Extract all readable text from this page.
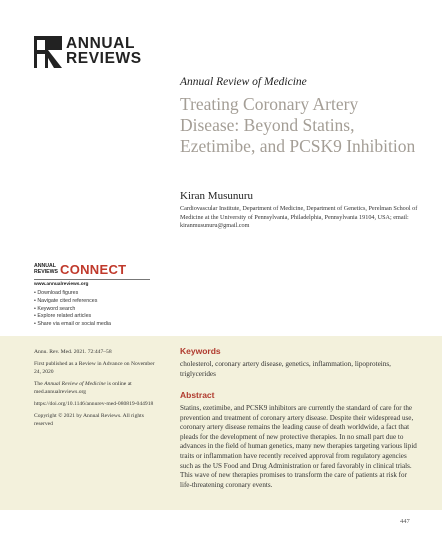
ANNUAL
REVIEWS
Annual Review of Medicine
Treating Coronary Artery Disease: Beyond Statins, Ezetimibe, and PCSK9 Inhibition
Kiran Musunuru
Cardiovascular Institute, Department of Medicine, Department of Genetics, Perelman School of Medicine at the University of Pennsylvania, Philadelphia, Pennsylvania 19104, USA; email: kiranmusunuru@gmail.com
ANNUAL
REVIEWS CONNECT
www.annualreviews.org
• Download figures
• Navigate cited references
• Keyword search
• Explore related articles
• Share via email or social media

Annu. Rev. Med. 2021. 72:447–58

First published as a Review in Advance on November 24, 2020

The Annual Review of Medicine is online at med.annualreviews.org

https://doi.org/10.1146/annurev-med-080819-044918

Copyright © 2021 by Annual Reviews. All rights reserved

Keywords
cholesterol, coronary artery disease, genetics, inflammation, lipoproteins, triglycerides
Abstract
Statins, ezetimibe, and PCSK9 inhibitors are currently the standard of care for the prevention and treatment of coronary artery disease. Despite their widespread use, coronary artery disease remains the leading cause of death worldwide, a fact that pleads for the development of new protective therapies. In no small part due to advances in the field of human genetics, many new therapies targeting various lipid traits or inflammation have recently received approval from regulatory agencies such as the US Food and Drug Administration or fared favorably in clinical trials. This wave of new therapies promises to transform the care of patients at risk for life-threatening coronary events.
447
